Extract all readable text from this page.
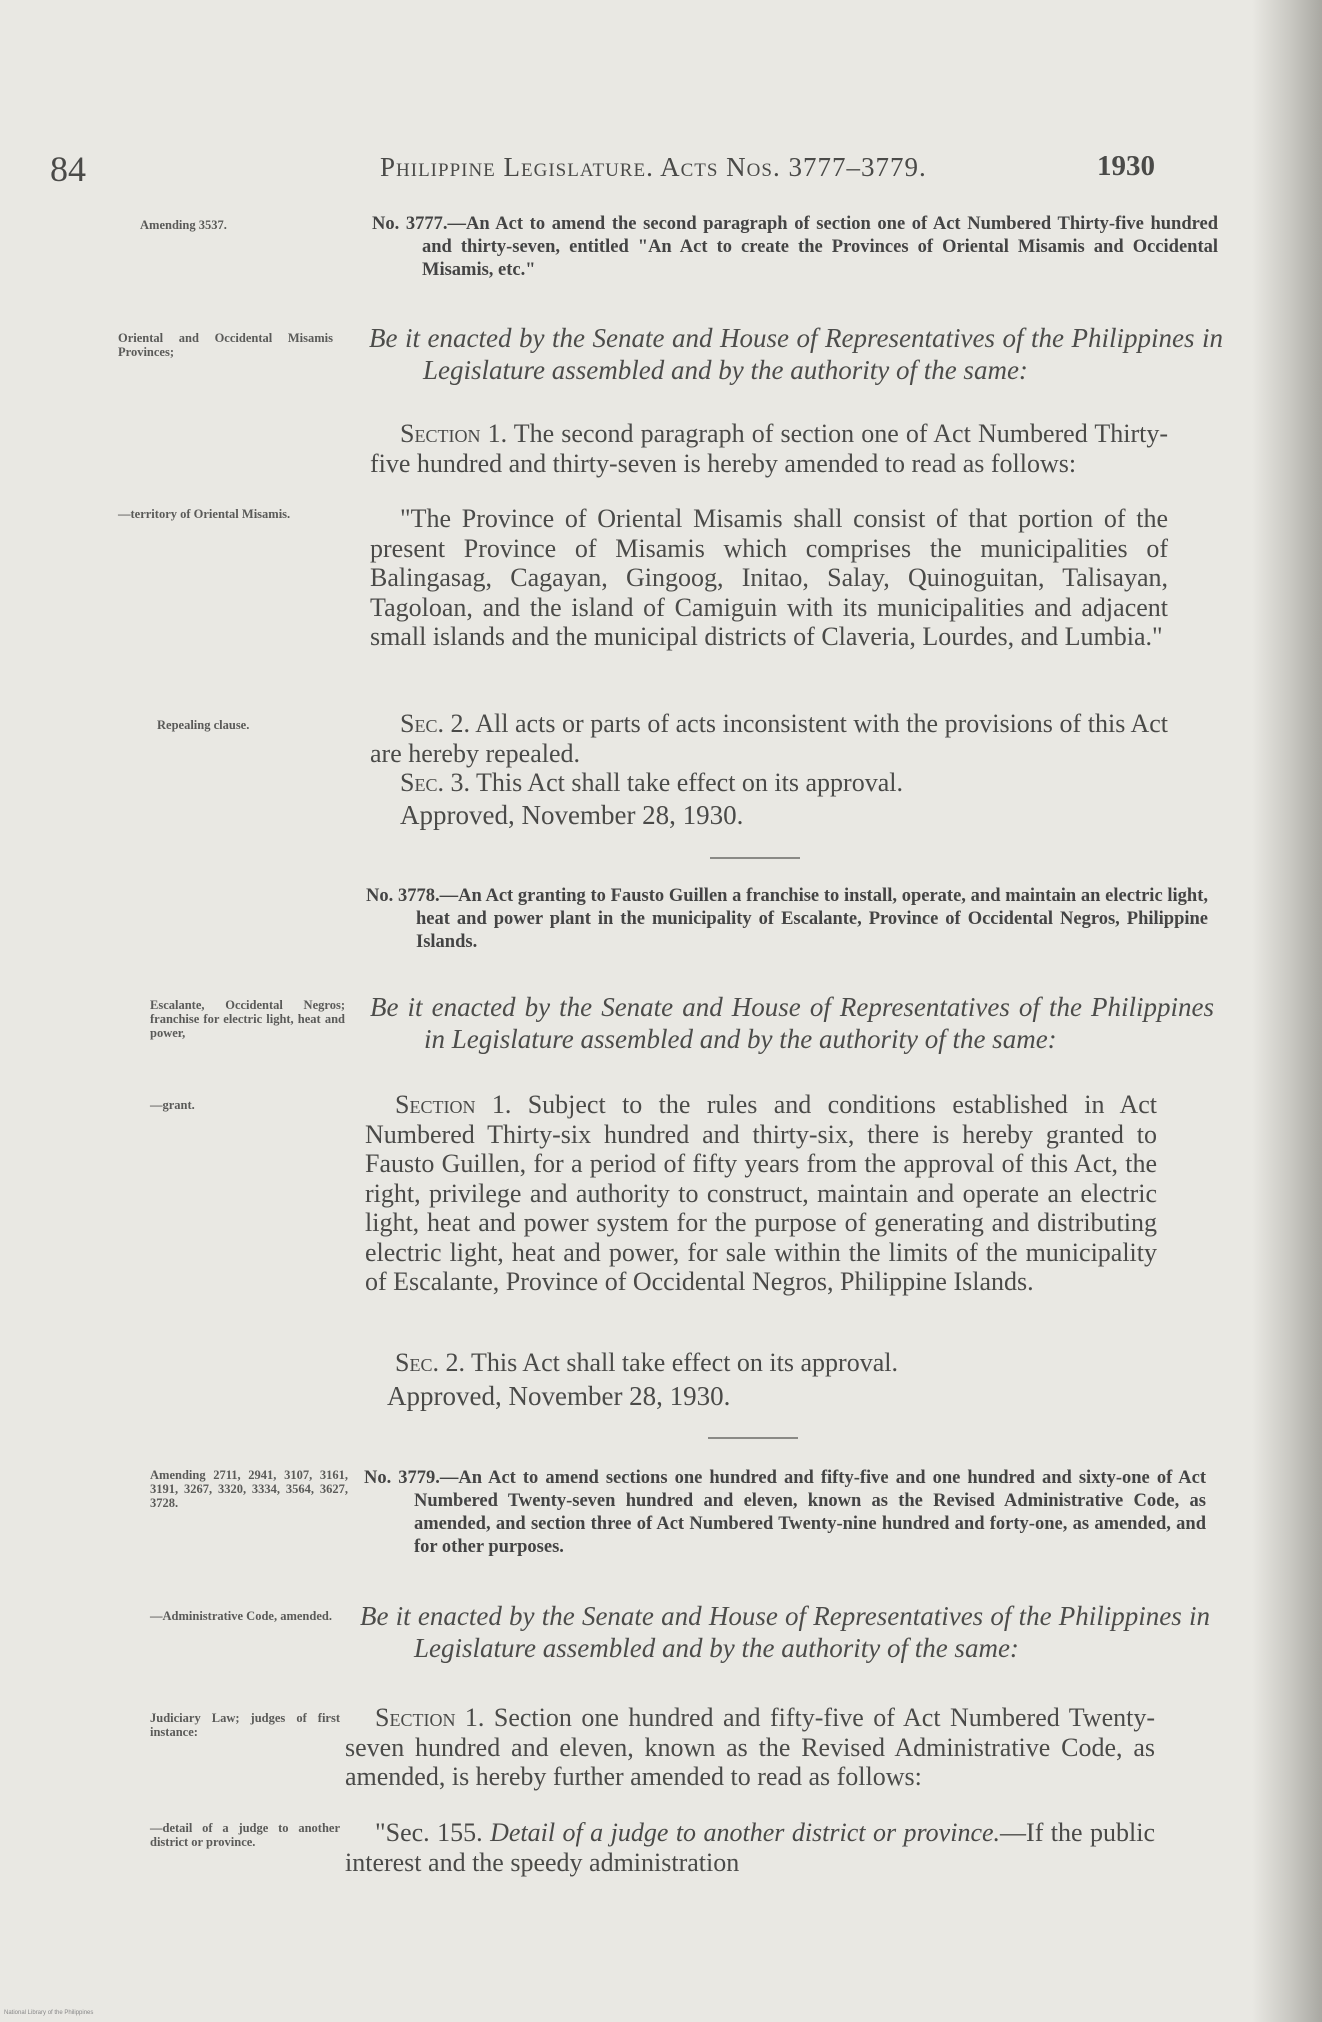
84	Philippine Legislature. Acts Nos. 3777–3779.	1930
Amending 3537.	No. 3777.—An Act to amend the second paragraph of section one of Act Numbered Thirty-five hundred and thirty-seven, entitled "An Act to create the Provinces of Oriental Misamis and Occidental Misamis, etc."
Oriental and Occidental Misamis Provinces;	Be it enacted by the Senate and House of Representatives of the Philippines in Legislature assembled and by the authority of the same:
Section 1. The second paragraph of section one of Act Numbered Thirty-five hundred and thirty-seven is hereby amended to read as follows:
—territory of Oriental Misamis.	"The Province of Oriental Misamis shall consist of that portion of the present Province of Misamis which comprises the municipalities of Balingasag, Cagayan, Gingoog, Initao, Salay, Quinoguitan, Talisayan, Tagoloan, and the island of Camiguin with its municipalities and adjacent small islands and the municipal districts of Claveria, Lourdes, and Lumbia."
Repealing clause.	Sec. 2. All acts or parts of acts inconsistent with the provisions of this Act are hereby repealed.
Sec. 3. This Act shall take effect on its approval.
Approved, November 28, 1930.
No. 3778.—An Act granting to Fausto Guillen a franchise to install, operate, and maintain an electric light, heat and power plant in the municipality of Escalante, Province of Occidental Negros, Philippine Islands.
Escalante, Occidental Negros; franchise for electric light, heat and power,
Be it enacted by the Senate and House of Representatives of the Philippines in Legislature assembled and by the authority of the same:
—grant.	Section 1. Subject to the rules and conditions established in Act Numbered Thirty-six hundred and thirty-six, there is hereby granted to Fausto Guillen, for a period of fifty years from the approval of this Act, the right, privilege and authority to construct, maintain and operate an electric light, heat and power system for the purpose of generating and distributing electric light, heat and power, for sale within the limits of the municipality of Escalante, Province of Occidental Negros, Philippine Islands.
Sec. 2. This Act shall take effect on its approval.
Approved, November 28, 1930.
Amending 2711, 2941, 3107, 3161, 3191, 3267, 3320, 3334, 3564, 3627, 3728.
No. 3779.—An Act to amend sections one hundred and fifty-five and one hundred and sixty-one of Act Numbered Twenty-seven hundred and eleven, known as the Revised Administrative Code, as amended, and section three of Act Numbered Twenty-nine hundred and forty-one, as amended, and for other purposes.
—Administrative Code, amended.	Be it enacted by the Senate and House of Representatives of the Philippines in Legislature assembled and by the authority of the same:
Judiciary Law; judges of first instance:	Section 1. Section one hundred and fifty-five of Act Numbered Twenty-seven hundred and eleven, known as the Revised Administrative Code, as amended, is hereby further amended to read as follows:
—detail of a judge to another district or province.	"Sec. 155. Detail of a judge to another district or province.—If the public interest and the speedy administration
National Library of the Philippines
